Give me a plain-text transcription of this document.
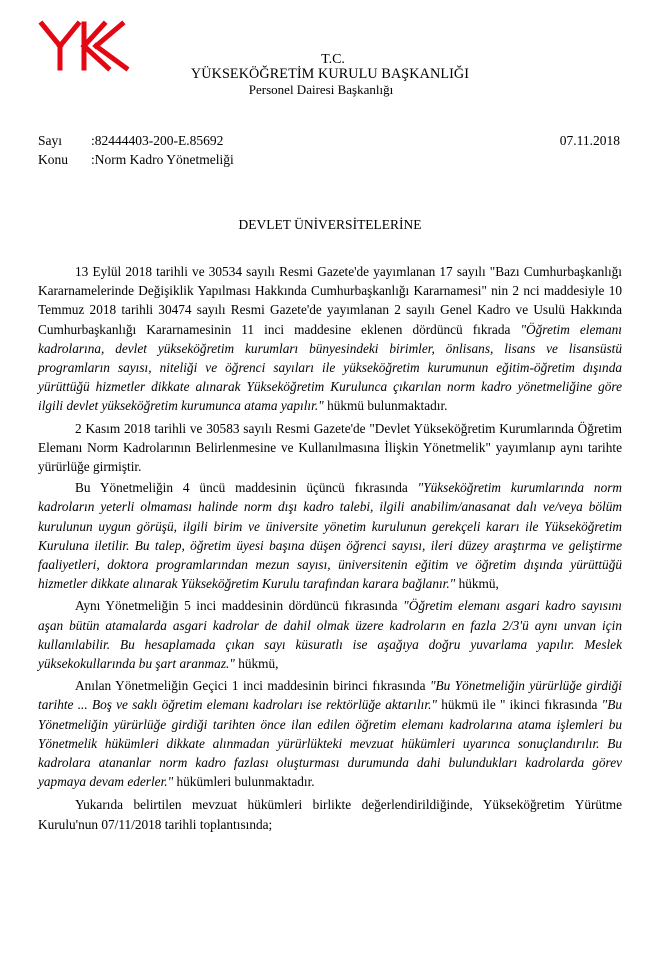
T.C.
YÜKSEKÖĞRETİM KURULU BAŞKANLIĞI
Personel Dairesi Başkanlığı
Sayı :82444403-200-E.85692	07.11.2018
Konu :Norm Kadro Yönetmeliği
DEVLET ÜNİVERSİTELERİNE

13 Eylül 2018 tarihli ve 30534 sayılı Resmi Gazete'de yayımlanan 17 sayılı "Bazı Cumhurbaşkanlığı Kararnamelerinde Değişiklik Yapılması Hakkında Cumhurbaşkanlığı Kararnamesi" nin 2 nci maddesiyle 10 Temmuz 2018 tarihli 30474 sayılı Resmi Gazete'de yayımlanan 2 sayılı Genel Kadro ve Usulü Hakkında Cumhurbaşkanlığı Kararnamesinin 11 inci maddesine eklenen dördüncü fıkrada "Öğretim elemanı kadrolarına, devlet yükseköğretim kurumları bünyesindeki birimler, önlisans, lisans ve lisansüstü programların sayısı, niteliği ve öğrenci sayıları ile yükseköğretim kurumunun eğitim-öğretim dışında yürüttüğü hizmetler dikkate alınarak Yükseköğretim Kurulunca çıkarılan norm kadro yönetmeliğine göre ilgili devlet yükseköğretim kurumunca atama yapılır." hükmü bulunmaktadır.

2 Kasım 2018 tarihli ve 30583 sayılı Resmi Gazete'de "Devlet Yükseköğretim Kurumlarında Öğretim Elemanı Norm Kadrolarının Belirlenmesine ve Kullanılmasına İlişkin Yönetmelik" yayımlanıp aynı tarihte yürürlüğe girmiştir.

Bu Yönetmeliğin 4 üncü maddesinin üçüncü fıkrasında "Yükseköğretim kurumlarında norm kadroların yeterli olmaması halinde norm dışı kadro talebi, ilgili anabilim/anasanat dalı ve/veya bölüm kurulunun uygun görüşü, ilgili birim ve üniversite yönetim kurulunun gerekçeli kararı ile Yükseköğretim Kuruluna iletilir. Bu talep, öğretim üyesi başına düşen öğrenci sayısı, ileri düzey araştırma ve geliştirme faaliyetleri, doktora programlarından mezun sayısı, üniversitenin eğitim ve öğretim dışında yürüttüğü hizmetler dikkate alınarak Yükseköğretim Kurulu tarafından karara bağlanır." hükmü,

Aynı Yönetmeliğin 5 inci maddesinin dördüncü fıkrasında "Öğretim elemanı asgari kadro sayısını aşan bütün atamalarda asgari kadrolar de dahil olmak üzere kadroların en fazla 2/3'ü aynı unvan için kullanılabilir. Bu hesaplamada çıkan sayı küsuratlı ise aşağıya doğru yuvarlama yapılır. Meslek yüksekokullarında bu şart aranmaz." hükmü,

Anılan Yönetmeliğin Geçici 1 inci maddesinin birinci fıkrasında "Bu Yönetmeliğin yürürlüğe girdiği tarihte ... Boş ve saklı öğretim elemanı kadroları ise rektörlüğe aktarılır." hükmü ile " ikinci fıkrasında "Bu Yönetmeliğin yürürlüğe girdiği tarihten önce ilan edilen öğretim elemanı kadrolarına atama işlemleri bu Yönetmelik hükümleri dikkate alınmadan yürürlükteki mevzuat hükümleri uyarınca sonuçlandırılır. Bu kadrolara atananlar norm kadro fazlası oluşturması durumunda dahi bulundukları kadrolarda görev yapmaya devam ederler." hükümleri bulunmaktadır.

Yukarıda belirtilen mevzuat hükümleri birlikte değerlendirildiğinde, Yükseköğretim Yürütme Kurulu'nun 07/11/2018 tarihli toplantısında;
